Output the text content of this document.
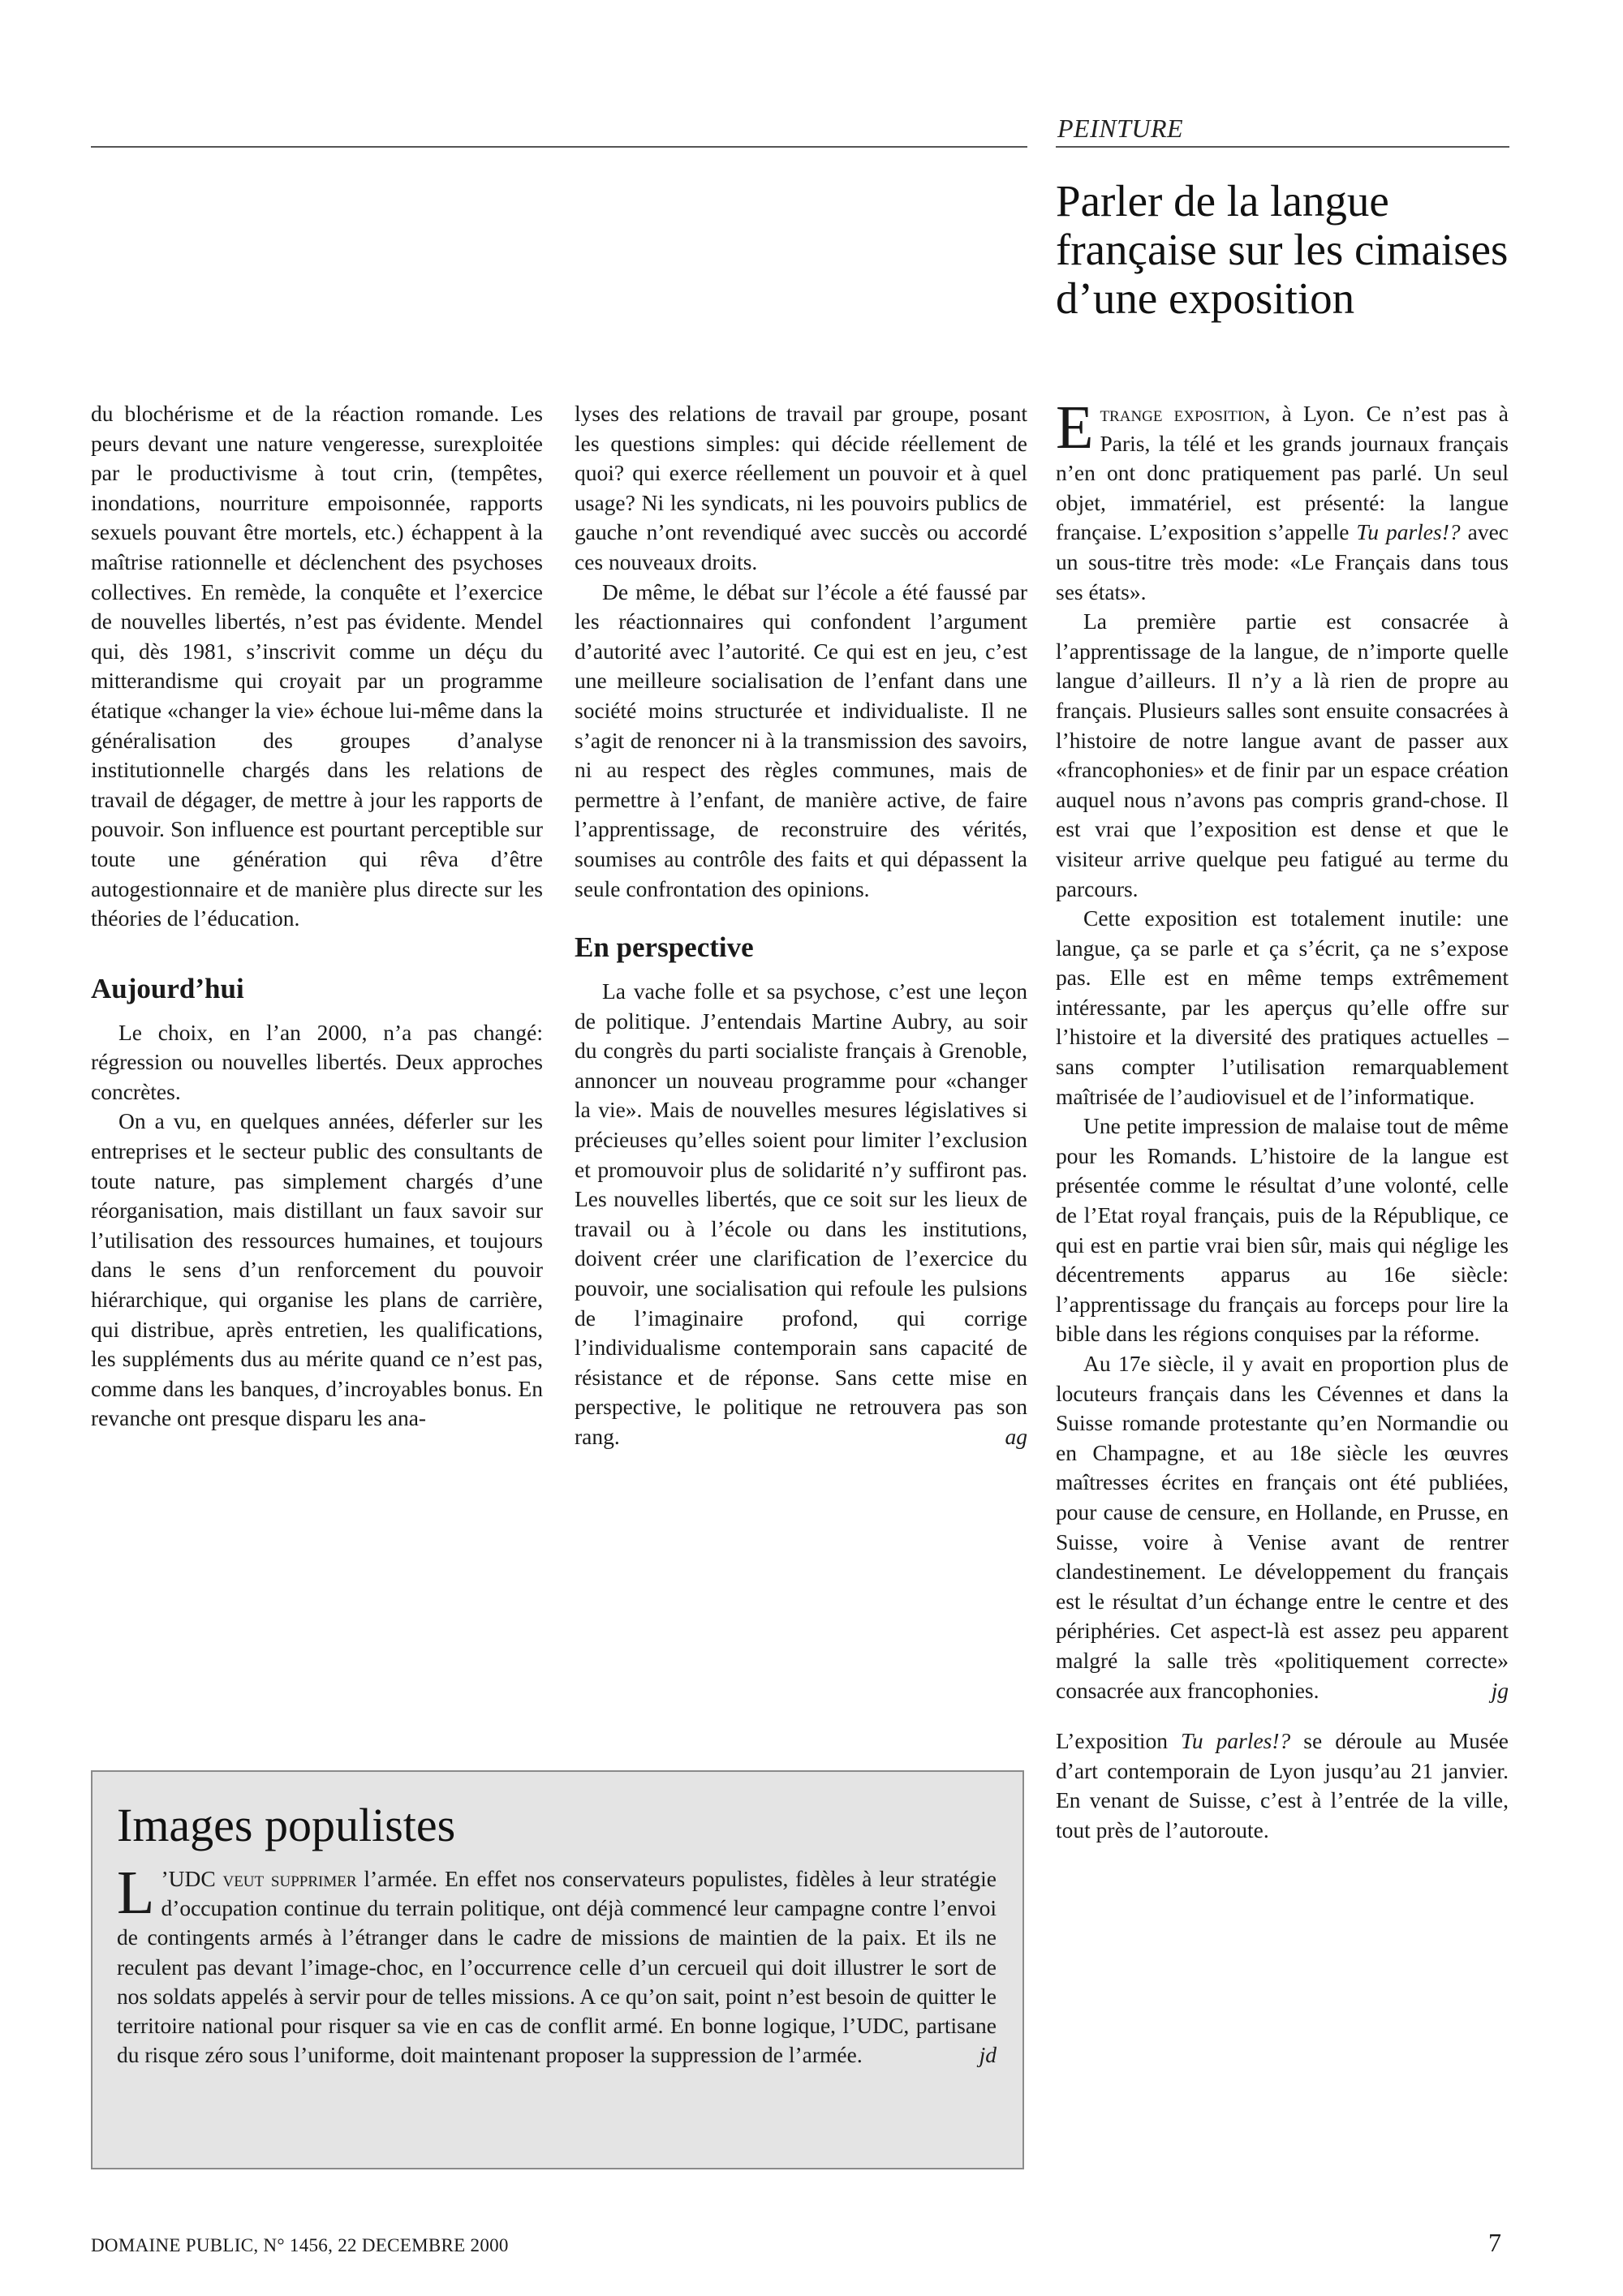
PEINTURE
Parler de la langue française sur les cimaises d’une exposition

du blochérisme et de la réaction romande. Les peurs devant une nature vengeresse, surexploitée par le productivisme à tout crin, (tempêtes, inondations, nourriture empoisonnée, rapports sexuels pouvant être mortels, etc.) échappent à la maîtrise rationnelle et déclenchent des psychoses collectives. En remède, la conquête et l’exercice de nouvelles libertés, n’est pas évidente. Mendel qui, dès 1981, s’inscrivit comme un déçu du mitterandisme qui croyait par un programme étatique «changer la vie» échoue lui-même dans la généralisation des groupes d’analyse institutionnelle chargés dans les relations de travail de dégager, de mettre à jour les rapports de pouvoir. Son influence est pourtant perceptible sur toute une génération qui rêva d’être autogestionnaire et de manière plus directe sur les théories de l’éducation.

Aujourd’hui

Le choix, en l’an 2000, n’a pas changé: régression ou nouvelles libertés. Deux approches concrètes.

On a vu, en quelques années, déferler sur les entreprises et le secteur public des consultants de toute nature, pas simplement chargés d’une réorganisation, mais distillant un faux savoir sur l’utilisation des ressources humaines, et toujours dans le sens d’un renforcement du pouvoir hiérarchique, qui organise les plans de carrière, qui distribue, après entretien, les qualifications, les suppléments dus au mérite quand ce n’est pas, comme dans les banques, d’incroyables bonus. En revanche ont presque disparu les ana-

lyses des relations de travail par groupe, posant les questions simples: qui décide réellement de quoi? qui exerce réellement un pouvoir et à quel usage? Ni les syndicats, ni les pouvoirs publics de gauche n’ont revendiqué avec succès ou accordé ces nouveaux droits.

De même, le débat sur l’école a été faussé par les réactionnaires qui confondent l’argument d’autorité avec l’autorité. Ce qui est en jeu, c’est une meilleure socialisation de l’enfant dans une société moins structurée et individualiste. Il ne s’agit de renoncer ni à la transmission des savoirs, ni au respect des règles communes, mais de permettre à l’enfant, de manière active, de faire l’apprentissage, de reconstruire des vérités, soumises au contrôle des faits et qui dépassent la seule confrontation des opinions.

En perspective

La vache folle et sa psychose, c’est une leçon de politique. J’entendais Martine Aubry, au soir du congrès du parti socialiste français à Grenoble, annoncer un nouveau programme pour «changer la vie». Mais de nouvelles mesures législatives si précieuses qu’elles soient pour limiter l’exclusion et promouvoir plus de solidarité n’y suffiront pas. Les nouvelles libertés, que ce soit sur les lieux de travail ou à l’école ou dans les institutions, doivent créer une clarification de l’exercice du pouvoir, une socialisation qui refoule les pulsions de l’imaginaire profond, qui corrige l’individualisme contemporain sans capacité de résistance et de réponse. Sans cette mise en perspective, le politique ne retrouvera pas son rang.	ag

Etrange exposition, à Lyon. Ce n’est pas à Paris, la télé et les grands journaux français n’en ont donc pratiquement pas parlé. Un seul objet, immatériel, est présenté: la langue française. L’exposition s’appelle Tu parles!? avec un sous-titre très mode: «Le Français dans tous ses états».

La première partie est consacrée à l’apprentissage de la langue, de n’importe quelle langue d’ailleurs. Il n’y a là rien de propre au français. Plusieurs salles sont ensuite consacrées à l’histoire de notre langue avant de passer aux «francophonies» et de finir par un espace création auquel nous n’avons pas compris grand-chose. Il est vrai que l’exposition est dense et que le visiteur arrive quelque peu fatigué au terme du parcours.

Cette exposition est totalement inutile: une langue, ça se parle et ça s’écrit, ça ne s’expose pas. Elle est en même temps extrêmement intéressante, par les aperçus qu’elle offre sur l’histoire et la diversité des pratiques actuelles – sans compter l’utilisation remarquablement maîtrisée de l’audiovisuel et de l’informatique.

Une petite impression de malaise tout de même pour les Romands. L’histoire de la langue est présentée comme le résultat d’une volonté, celle de l’Etat royal français, puis de la République, ce qui est en partie vrai bien sûr, mais qui néglige les décentrements apparus au 16e siècle: l’apprentissage du français au forceps pour lire la bible dans les régions conquises par la réforme.

Au 17e siècle, il y avait en proportion plus de locuteurs français dans les Cévennes et dans la Suisse romande protestante qu’en Normandie ou en Champagne, et au 18e siècle les œuvres maîtresses écrites en français ont été publiées, pour cause de censure, en Hollande, en Prusse, en Suisse, voire à Venise avant de rentrer clandestinement. Le développement du français est le résultat d’un échange entre le centre et des périphéries. Cet aspect-là est assez peu apparent malgré la salle très «politiquement correcte» consacrée aux francophonies.	jg

L’exposition Tu parles!? se déroule au Musée d’art contemporain de Lyon jusqu’au 21 janvier. En venant de Suisse, c’est à l’entrée de la ville, tout près de l’autoroute.

Images populistes

L ’UDC veut supprimer l’armée. En effet nos conservateurs populistes, fidèles à leur stratégie d’occupation continue du terrain politique, ont déjà commencé leur campagne contre l’envoi de contingents armés à l’étranger dans le cadre de missions de maintien de la paix. Et ils ne reculent pas devant l’image-choc, en l’occurrence celle d’un cercueil qui doit illustrer le sort de nos soldats appelés à servir pour de telles missions. A ce qu’on sait, point n’est besoin de quitter le territoire national pour risquer sa vie en cas de conflit armé. En bonne logique, l’UDC, partisane du risque zéro sous l’uniforme, doit maintenant proposer la suppression de l’armée.	jd

DOMAINE PUBLIC, N° 1456, 22 DECEMBRE 2000	7
